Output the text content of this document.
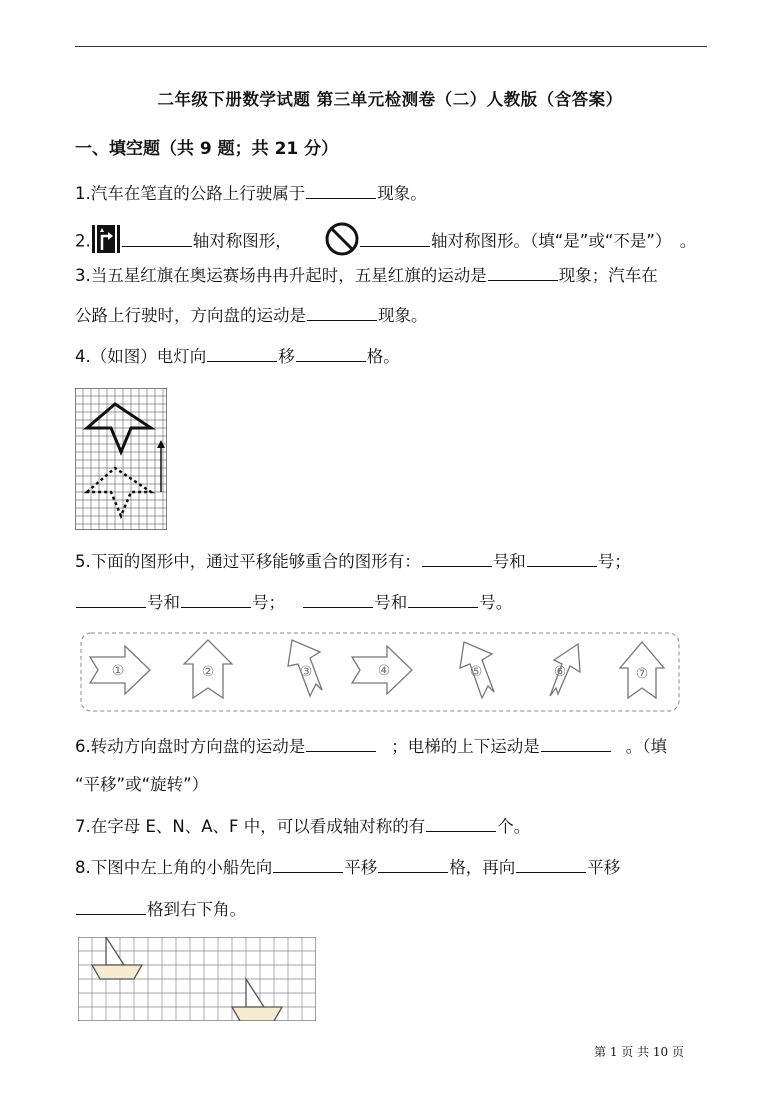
二年级下册数学试题 第三单元检测卷（二）人教版（含答案）
一、填空题（共 9 题；共 21 分）
1.汽车在笔直的公路上行驶属于	现象。
2.	轴对称图形，	轴对称图形。（填“是”或“不是”）　。
3.当五星红旗在奥运赛场冉冉升起时，五星红旗的运动是	现象；汽车在
公路上行驶时，方向盘的运动是	现象。
4.（如图）电灯向	移	格。
5.下面的图形中，通过平移能够重合的图形有：	号和	号；
号和	号；	号和	号。
①	②	③	④	⑤	⑥	⑦
6.转动方向盘时方向盘的运动是	；电梯的上下运动是	。（填
“平移”或“旋转”）
7.在字母 E、N、A、F 中，可以看成轴对称的有	个。
8.下图中左上角的小船先向	平移	格，再向	平移
格到右下角。
第 1 页 共 10 页
